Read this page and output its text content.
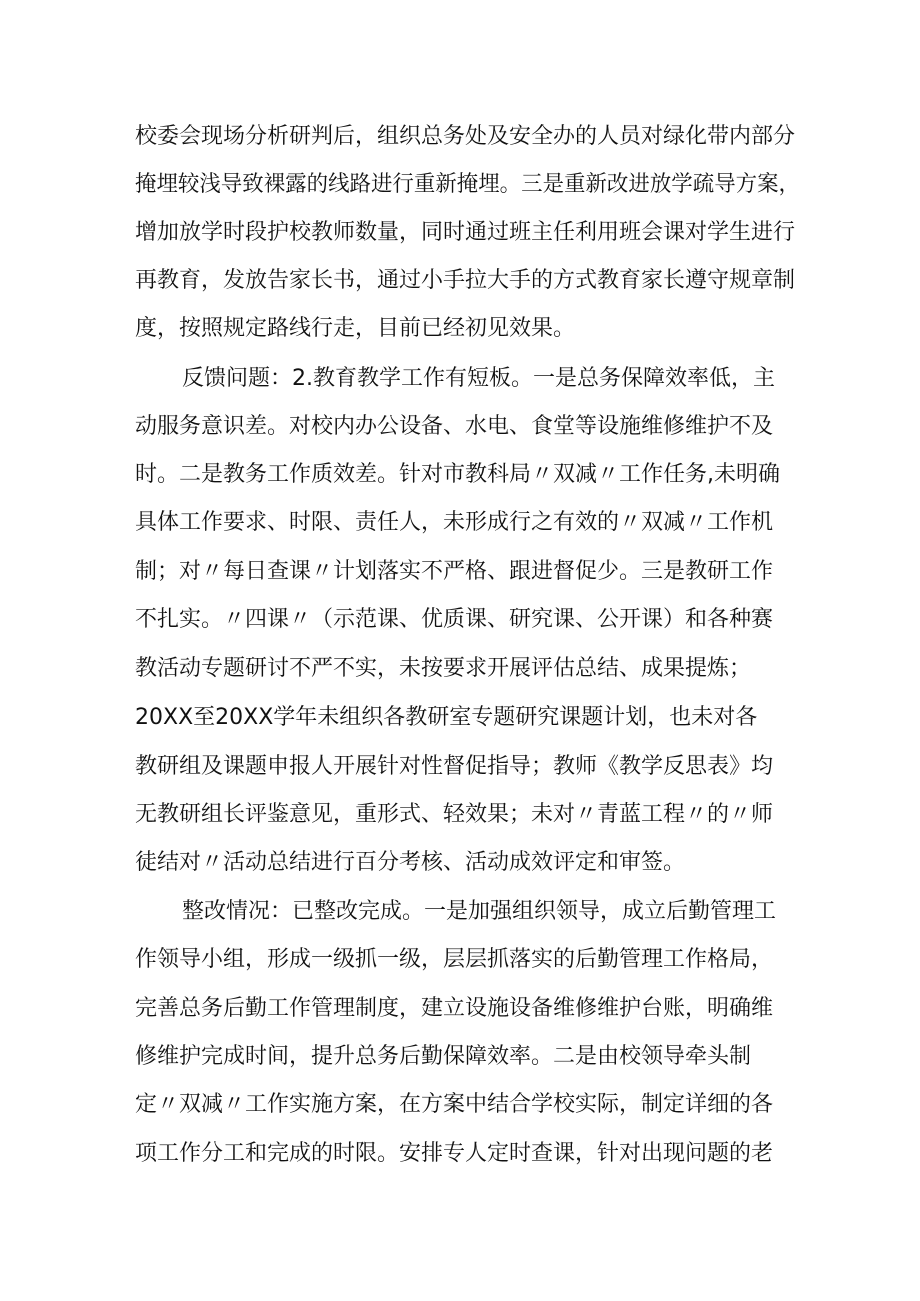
校委会现场分析研判后，组织总务处及安全办的人员对绿化带内部分
掩埋较浅导致裸露的线路进行重新掩埋。三是重新改进放学疏导方案，
增加放学时段护校教师数量，同时通过班主任利用班会课对学生进行
再教育，发放告家长书，通过小手拉大手的方式教育家长遵守规章制
度，按照规定路线行走，目前已经初见效果。
反馈问题：2.教育教学工作有短板。一是总务保障效率低，主
动服务意识差。对校内办公设备、水电、食堂等设施维修维护不及
时。二是教务工作质效差。针对市教科局〃双减〃工作任务,未明确
具体工作要求、时限、责任人，未形成行之有效的〃双减〃工作机
制；对〃每日查课〃计划落实不严格、跟进督促少。三是教研工作
不扎实。〃四课〃（示范课、优质课、研究课、公开课）和各种赛
教活动专题研讨不严不实，未按要求开展评估总结、成果提炼；
20XX至20XX学年未组织各教研室专题研究课题计划，也未对各
教研组及课题申报人开展针对性督促指导；教师《教学反思表》均
无教研组长评鉴意见，重形式、轻效果；未对〃青蓝工程〃的〃师
徒结对〃活动总结进行百分考核、活动成效评定和审签。
整改情况：已整改完成。一是加强组织领导，成立后勤管理工
作领导小组，形成一级抓一级，层层抓落实的后勤管理工作格局，
完善总务后勤工作管理制度，建立设施设备维修维护台账，明确维
修维护完成时间，提升总务后勤保障效率。二是由校领导牵头制
定〃双减〃工作实施方案，在方案中结合学校实际，制定详细的各
项工作分工和完成的时限。安排专人定时查课，针对出现问题的老
